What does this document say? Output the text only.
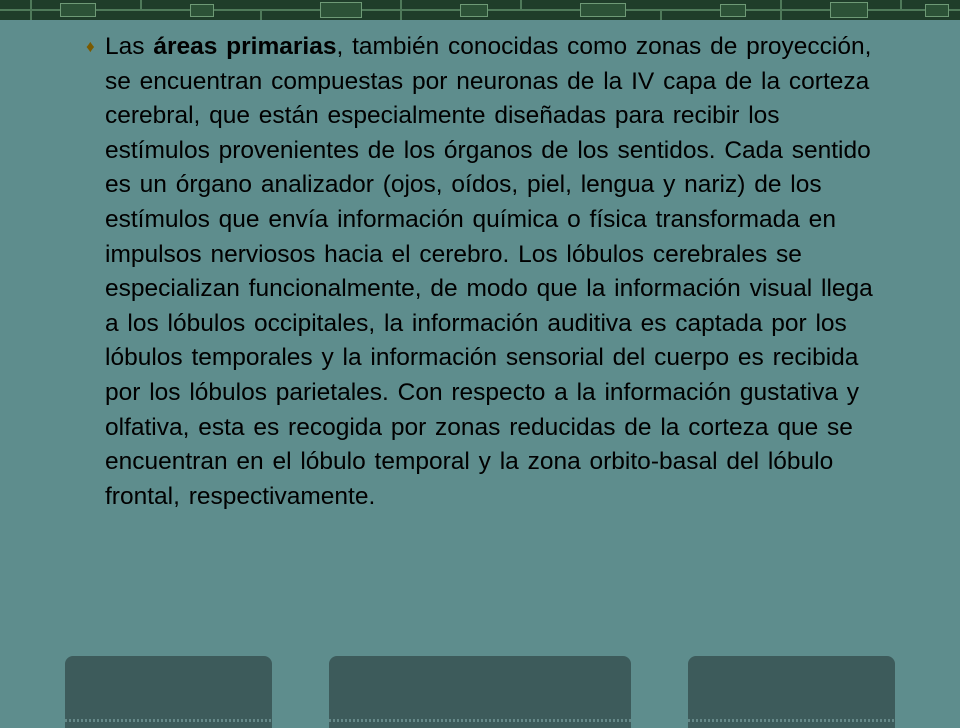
♦ Las áreas primarias, también conocidas como zonas de proyección, se encuentran compuestas por neuronas de la IV capa de la corteza cerebral, que están especialmente diseñadas para recibir los estímulos provenientes de los órganos de los sentidos. Cada sentido es un órgano analizador (ojos, oídos, piel, lengua y nariz) de los estímulos que envía información química o física transformada en impulsos nerviosos hacia el cerebro. Los lóbulos cerebrales se especializan funcionalmente, de modo que la información visual llega a los lóbulos occipitales, la información auditiva es captada por los lóbulos temporales y la información sensorial del cuerpo es recibida por los lóbulos parietales. Con respecto a la información gustativa y olfativa, esta es recogida por zonas reducidas de la corteza que se encuentran en el lóbulo temporal y la zona orbito-basal del lóbulo frontal, respectivamente.
